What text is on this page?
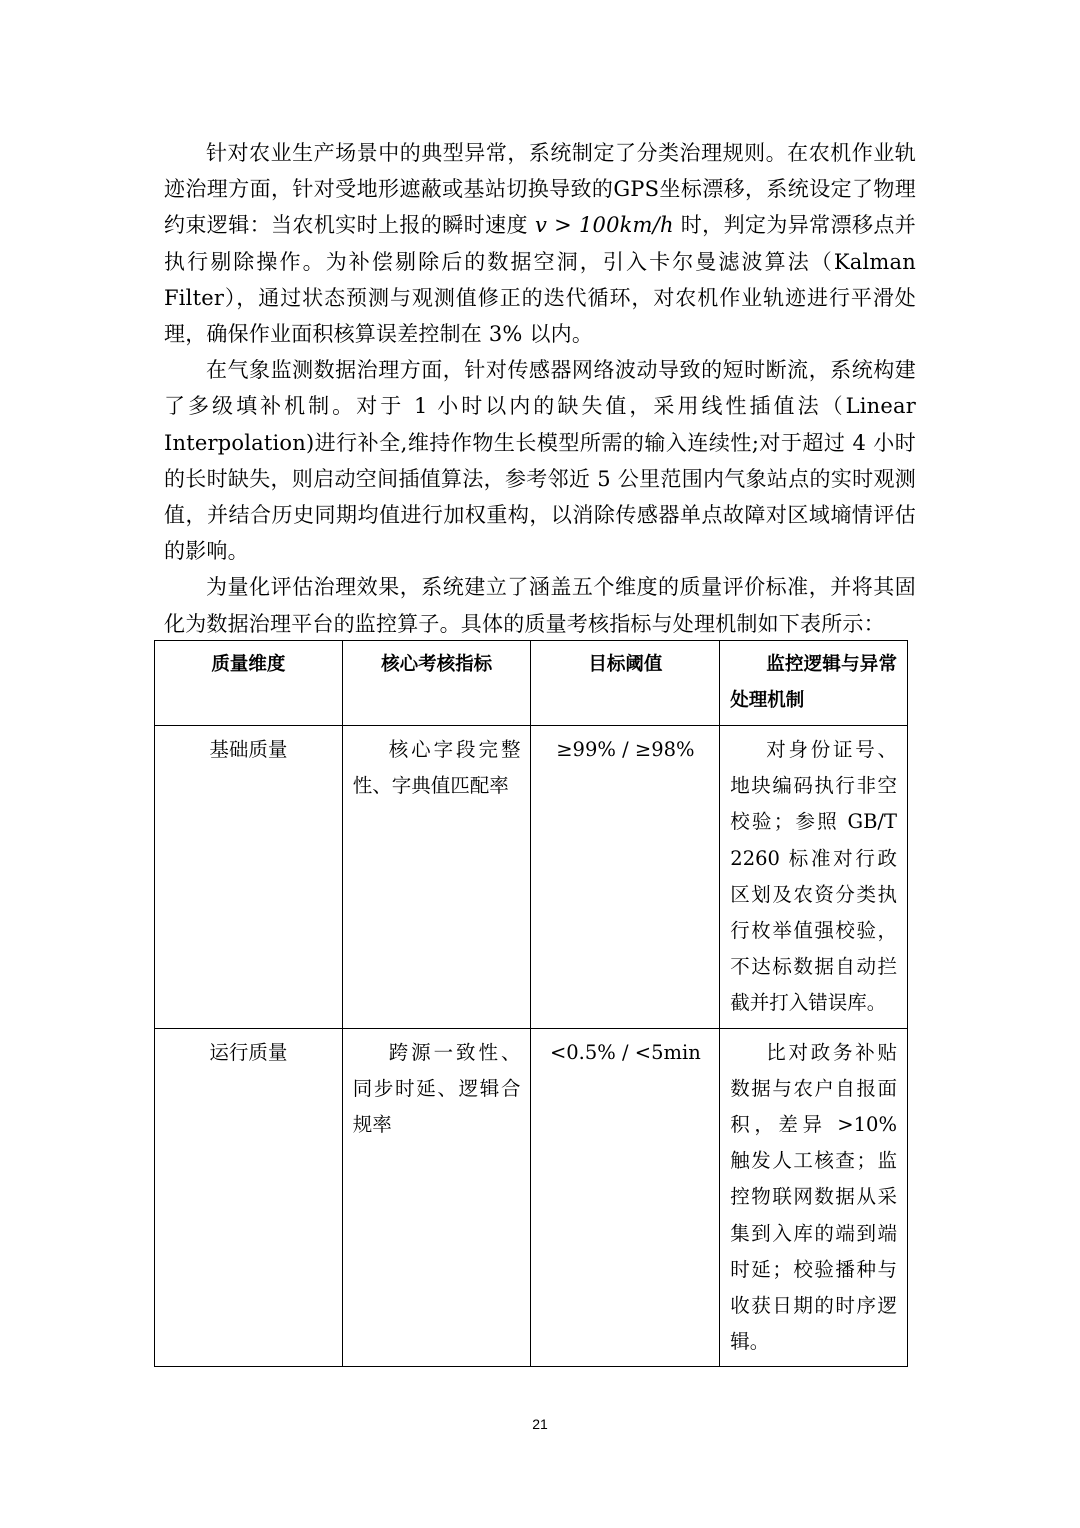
针对农业生产场景中的典型异常，系统制定了分类治理规则。在农机作业轨迹治理方面，针对受地形遮蔽或基站切换导致的GPS坐标漂移，系统设定了物理约束逻辑：当农机实时上报的瞬时速度 v > 100km/h 时，判定为异常漂移点并执行剔除操作。为补偿剔除后的数据空洞，引入卡尔曼滤波算法（Kalman Filter），通过状态预测与观测值修正的迭代循环，对农机作业轨迹进行平滑处理，确保作业面积核算误差控制在 3% 以内。

在气象监测数据治理方面，针对传感器网络波动导致的短时断流，系统构建了多级填补机制。对于 1 小时以内的缺失值，采用线性插值法（Linear Interpolation)进行补全,维持作物生长模型所需的输入连续性;对于超过 4 小时的长时缺失，则启动空间插值算法，参考邻近 5 公里范围内气象站点的实时观测值，并结合历史同期均值进行加权重构，以消除传感器单点故障对区域墒情评估的影响。

为量化评估治理效果，系统建立了涵盖五个维度的质量评价标准，并将其固化为数据治理平台的监控算子。具体的质量考核指标与处理机制如下表所示：

质量维度	核心考核指标	目标阈值	监控逻辑与异常处理机制
基础质量	核心字段完整性、字典值匹配率	≥99% / ≥98%	对身份证号、地块编码执行非空校验；参照 GB/T 2260 标准对行政区划及农资分类执行枚举值强校验，不达标数据自动拦截并打入错误库。
运行质量	跨源一致性、同步时延、逻辑合规率	<0.5% / <5min	比对政务补贴数据与农户自报面积，差异 >10% 触发人工核查；监控物联网数据从采集到入库的端到端时延；校验播种与收获日期的时序逻辑。
21
